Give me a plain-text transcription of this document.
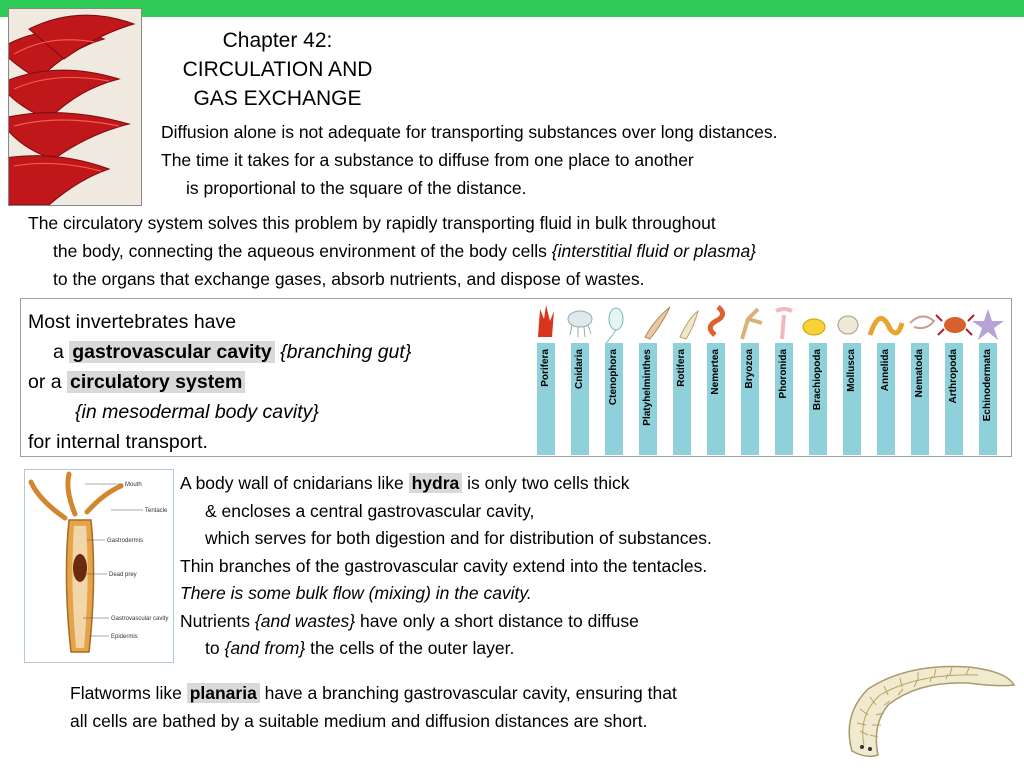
Chapter 42:
CIRCULATION AND
GAS EXCHANGE
Diffusion alone is not adequate for transporting substances over long distances.
The time it takes for a substance to diffuse from one place to another
is proportional to the square of the distance.
The circulatory system solves this problem by rapidly transporting fluid in bulk throughout
the body, connecting the aqueous environment of the body cells {interstitial fluid or plasma}
to the organs that exchange gases, absorb nutrients, and dispose of wastes.
Most invertebrates have
a gastrovascular cavity {branching gut}
or a circulatory system
{in mesodermal body cavity}
for internal transport.
Porifera	Cnidaria	Ctenophora	Platyhelminthes	Rotifera	Nemertea	Bryozoa	Phoronida	Brachiopoda	Mollusca	Annelida	Nematoda	Arthropoda	Echinodermata
Mouth
Tentacle
Gastrodermis
Dead prey
Gastrovascular cavity
Epidermis
A body wall of cnidarians like hydra is only two cells thick
& encloses a central gastrovascular cavity,
which serves for both digestion and for distribution of substances.
Thin branches of the gastrovascular cavity extend into the tentacles.
There is some bulk flow (mixing) in the cavity.
Nutrients {and wastes} have only a short distance to diffuse
to {and from} the cells of the outer layer.
Flatworms like planaria have a branching gastrovascular cavity, ensuring that
all cells are bathed by a suitable medium and diffusion distances are short.
